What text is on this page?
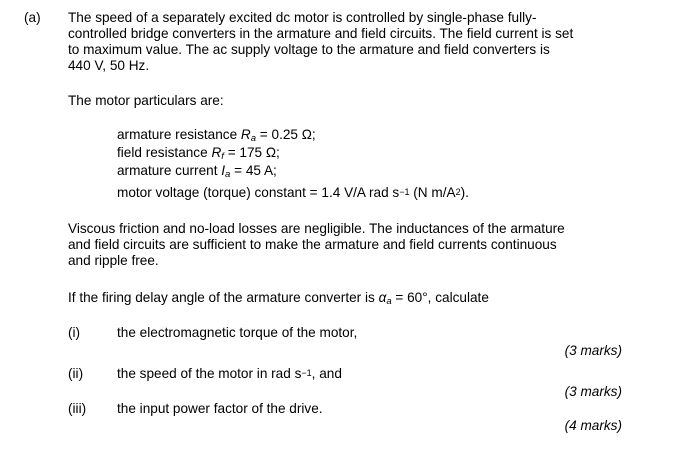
(a) The speed of a separately excited dc motor is controlled by single-phase fully-
controlled bridge converters in the armature and field circuits. The field current is set
to maximum value. The ac supply voltage to the armature and field converters is
440 V, 50 Hz.
The motor particulars are:
armature resistance Ra = 0.25 Ω;
field resistance Rf = 175 Ω;
armature current Ia = 45 A;
motor voltage (torque) constant = 1.4 V/A rad $s^{-1}$ (N $m/A^2$).
Viscous friction and no-load losses are negligible. The inductances of the armature
and field circuits are sufficient to make the armature and field currents continuous
and ripple free.
If the firing delay angle of the armature converter is αa = 60°, calculate
(i)	the electromagnetic torque of the motor,
(3 marks)
(ii) the speed of the motor in rad $s^{-1}$, and
(3 marks)
(iii) the input power factor of the drive.
(4 marks)
